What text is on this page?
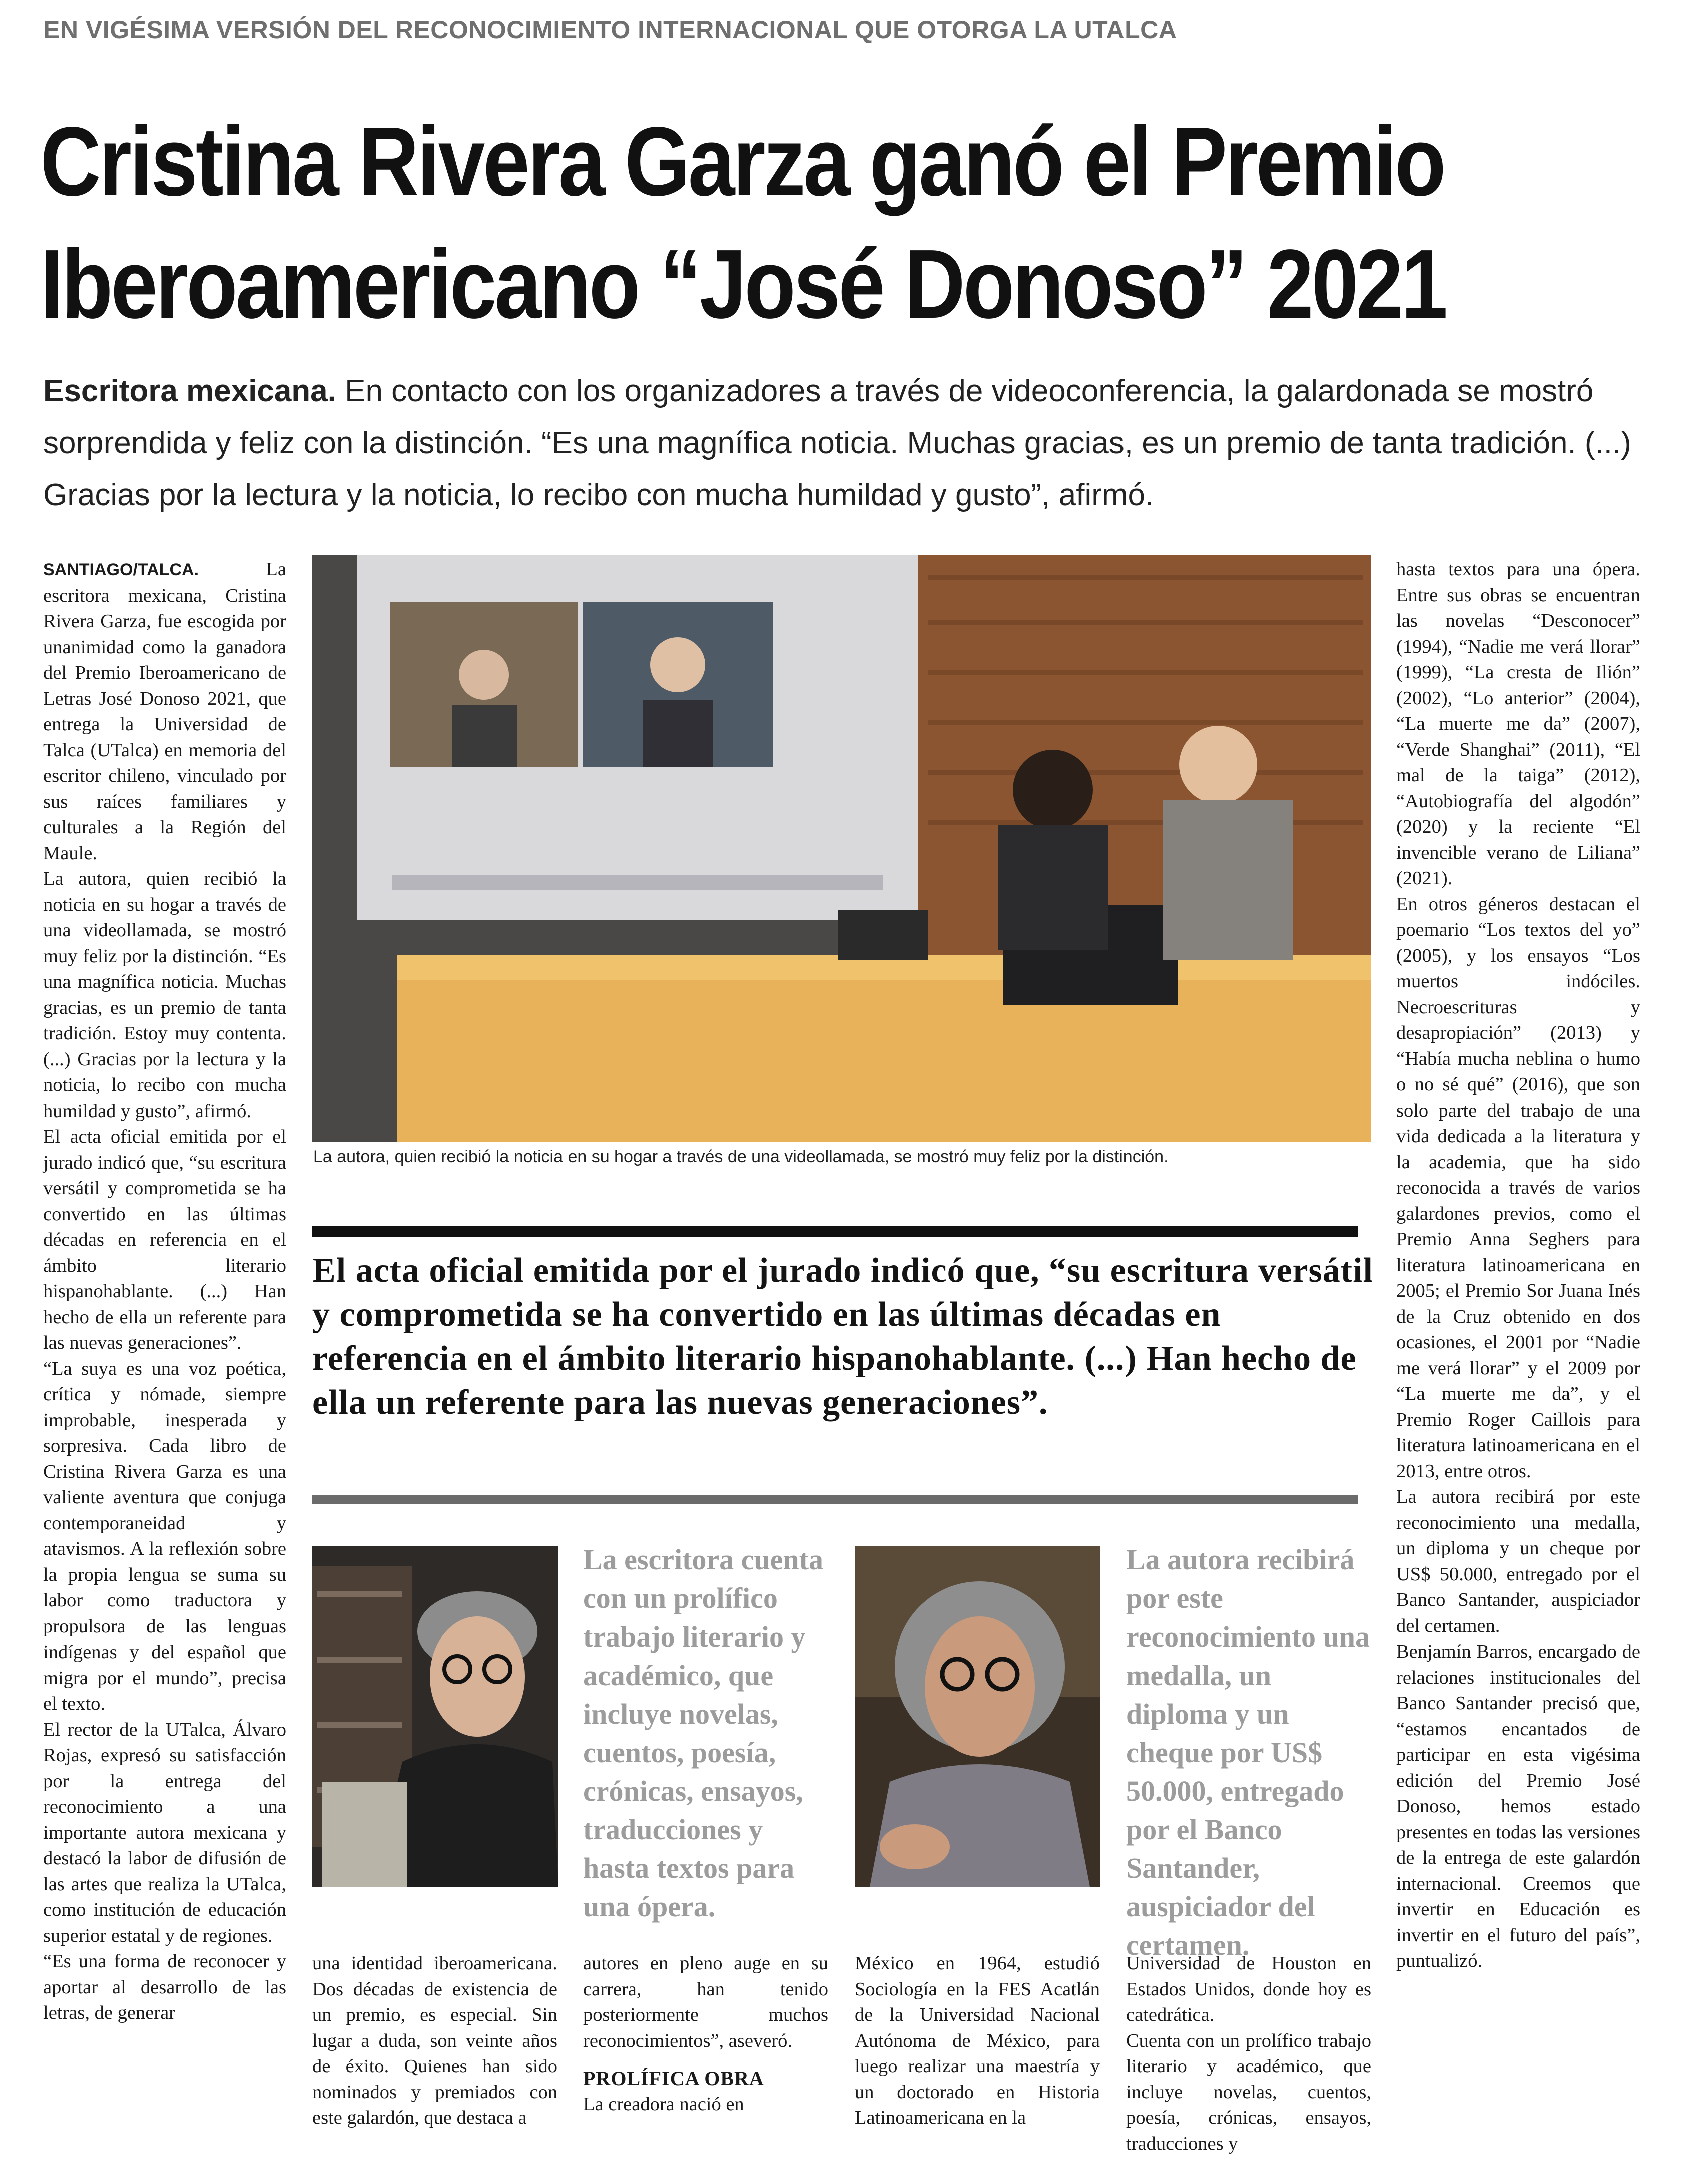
EN VIGÉSIMA VERSIÓN DEL RECONOCIMIENTO INTERNACIONAL QUE OTORGA LA UTALCA
Cristina Rivera Garza ganó el Premio
Iberoamericano “José Donoso” 2021
Escritora mexicana. En contacto con los organizadores a través de videoconferencia, la galardonada se mostró sorprendida y feliz con la distinción. “Es una magnífica noticia. Muchas gracias, es un premio de tanta tradición. (...) Gracias por la lectura y la noticia, lo recibo con mucha humildad y gusto”, afirmó.

SANTIAGO/TALCA. La escritora mexicana, Cristina Rivera Garza, fue escogida por unanimidad como la ganadora del Premio Iberoamericano de Letras José Donoso 2021, que entrega la Universidad de Talca (UTalca) en memoria del escritor chileno, vinculado por sus raíces familiares y culturales a la Región del Maule.

La autora, quien recibió la noticia en su hogar a través de una videollamada, se mostró muy feliz por la distinción. “Es una magnífica noticia. Muchas gracias, es un premio de tanta tradición. Estoy muy contenta. (...) Gracias por la lectura y la noticia, lo recibo con mucha humildad y gusto”, afirmó.

El acta oficial emitida por el jurado indicó que, “su escritura versátil y comprometida se ha convertido en las últimas décadas en referencia en el ámbito literario hispanohablante. (...) Han hecho de ella un referente para las nuevas generaciones”.

“La suya es una voz poética, crítica y nómade, siempre improbable, inesperada y sorpresiva. Cada libro de Cristina Rivera Garza es una valiente aventura que conjuga contemporaneidad y atavismos. A la reflexión sobre la propia lengua se suma su labor como traductora y propulsora de las lenguas indígenas y del español que migra por el mundo”, precisa el texto.

El rector de la UTalca, Álvaro Rojas, expresó su satisfacción por la entrega del reconocimiento a una importante autora mexicana y destacó la labor de difusión de las artes que realiza la UTalca, como institución de educación superior estatal y de regiones.

“Es una forma de reconocer y aportar al desarrollo de las letras, de generar

La autora, quien recibió la noticia en su hogar a través de una videollamada, se mostró muy feliz por la distinción.
El acta oficial emitida por el jurado indicó que, “su escritura versátil y comprometida se ha convertido en las últimas décadas en referencia en el ámbito literario hispanohablante. (...) Han hecho de ella un referente para las nuevas generaciones”.
La escritora cuenta con un prolífico trabajo literario y académico, que incluye novelas, cuentos, poesía, crónicas, ensayos, traducciones y hasta textos para una ópera.
La autora recibirá por este reconocimiento una medalla, un diploma y un cheque por US$ 50.000, entregado por el Banco Santander, auspiciador del certamen.

una identidad iberoamericana. Dos décadas de existencia de un premio, es especial. Sin lugar a duda, son veinte años de éxito. Quienes han sido nominados y premiados con este galardón, que destaca a

autores en pleno auge en su carrera, han tenido posteriormente muchos reconocimientos”, aseveró.

PROLÍFICA OBRA

La creadora nació en

México en 1964, estudió Sociología en la FES Acatlán de la Universidad Nacional Autónoma de México, para luego realizar una maestría y un doctorado en Historia Latinoamericana en la

Universidad de Houston en Estados Unidos, donde hoy es catedrática.

Cuenta con un prolífico trabajo literario y académico, que incluye novelas, cuentos, poesía, crónicas, ensayos, traducciones y

hasta textos para una ópera. Entre sus obras se encuentran las novelas “Desconocer” (1994), “Nadie me verá llorar” (1999), “La cresta de Ilión” (2002), “Lo anterior” (2004), “La muerte me da” (2007), “Verde Shanghai” (2011), “El mal de la taiga” (2012), “Autobiografía del algodón” (2020) y la reciente “El invencible verano de Liliana” (2021).

En otros géneros destacan el poemario “Los textos del yo” (2005), y los ensayos “Los muertos indóciles. Necroescrituras y desapropiación” (2013) y “Había mucha neblina o humo o no sé qué” (2016), que son solo parte del trabajo de una vida dedicada a la literatura y la academia, que ha sido reconocida a través de varios galardones previos, como el Premio Anna Seghers para literatura latinoamericana en 2005; el Premio Sor Juana Inés de la Cruz obtenido en dos ocasiones, el 2001 por “Nadie me verá llorar” y el 2009 por “La muerte me da”, y el Premio Roger Caillois para literatura latinoamericana en el 2013, entre otros.

La autora recibirá por este reconocimiento una medalla, un diploma y un cheque por US$ 50.000, entregado por el Banco Santander, auspiciador del certamen.

Benjamín Barros, encargado de relaciones institucionales del Banco Santander precisó que, “estamos encantados de participar en esta vigésima edición del Premio José Donoso, hemos estado presentes en todas las versiones de la entrega de este galardón internacional. Creemos que invertir en Educación es invertir en el futuro del país”, puntualizó.
